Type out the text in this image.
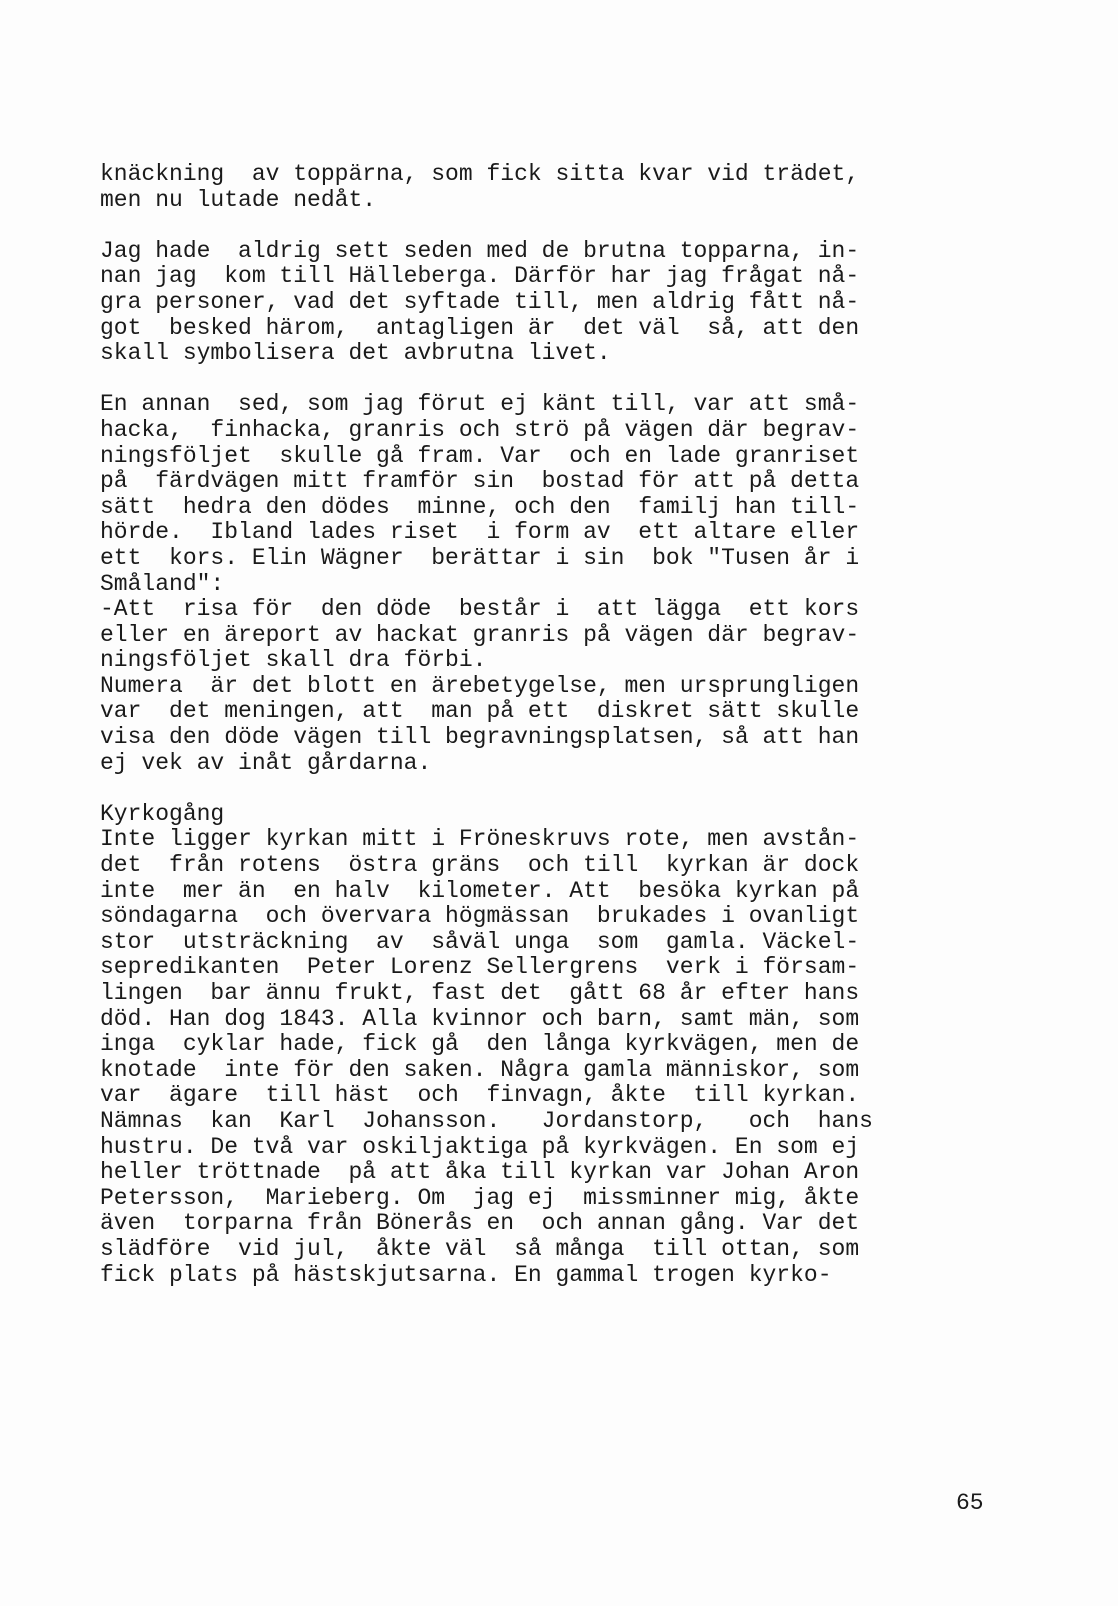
knäckning  av toppärna, som fick sitta kvar vid trädet,
men nu lutade nedåt.
Jag hade  aldrig sett seden med de brutna topparna, in-
nan jag  kom till Hälleberga. Därför har jag frågat nå-
gra personer, vad det syftade till, men aldrig fått nå-
got  besked härom,  antagligen är  det väl  så, att den
skall symbolisera det avbrutna livet.
En annan  sed, som jag förut ej känt till, var att små-
hacka,  finhacka, granris och strö på vägen där begrav-
ningsföljet  skulle gå fram. Var  och en lade granriset
på  färdvägen mitt framför sin  bostad för att på detta
sätt  hedra den dödes  minne, och den  familj han till-
hörde.  Ibland lades riset  i form av  ett altare eller
ett  kors. Elin Wägner  berättar i sin  bok "Tusen år i
Småland":
-Att  risa för  den döde  består i  att lägga  ett kors
eller en äreport av hackat granris på vägen där begrav-
ningsföljet skall dra förbi.
Numera  är det blott en ärebetygelse, men ursprungligen
var  det meningen, att  man på ett  diskret sätt skulle
visa den döde vägen till begravningsplatsen, så att han
ej vek av inåt gårdarna.
Kyrkogång
Inte ligger kyrkan mitt i Fröneskruvs rote, men avstån-
det  från rotens  östra gräns  och till  kyrkan är dock
inte  mer än  en halv  kilometer. Att  besöka kyrkan på
söndagarna  och övervara högmässan  brukades i ovanligt
stor  utsträckning  av  såväl unga  som  gamla. Väckel-
sepredikanten  Peter Lorenz Sellergrens  verk i försam-
lingen  bar ännu frukt, fast det  gått 68 år efter hans
död. Han dog 1843. Alla kvinnor och barn, samt män, som
inga  cyklar hade, fick gå  den långa kyrkvägen, men de
knotade  inte för den saken. Några gamla människor, som
var  ägare  till häst  och  finvagn, åkte  till kyrkan.
Nämnas  kan  Karl  Johansson.   Jordanstorp,   och  hans
hustru. De två var oskiljaktiga på kyrkvägen. En som ej
heller tröttnade  på att åka till kyrkan var Johan Aron
Petersson,  Marieberg. Om  jag ej  missminner mig, åkte
även  torparna från Bönerås en  och annan gång. Var det
slädföre  vid jul,  åkte väl  så många  till ottan, som
fick plats på hästskjutsarna. En gammal trogen kyrko-
65
